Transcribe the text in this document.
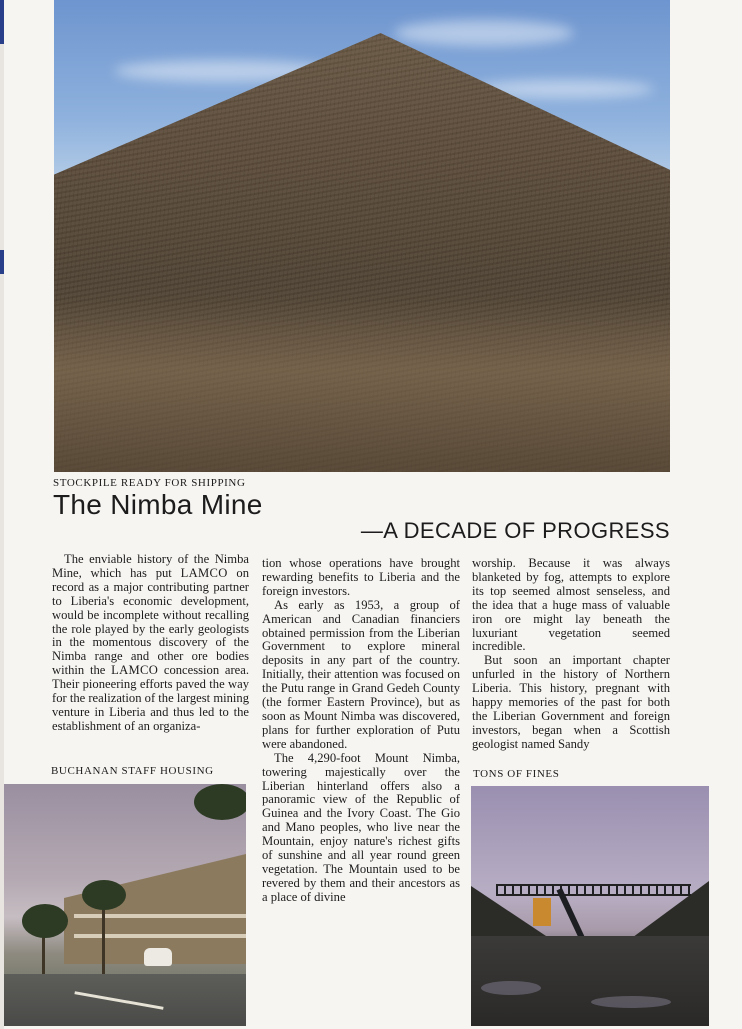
STOCKPILE READY FOR SHIPPING
The Nimba Mine
—A DECADE OF PROGRESS

The enviable history of the Nimba Mine, which has put LAMCO on record as a major contributing partner to Liberia's economic development, would be incomplete without recalling the role played by the early geologists in the momentous discovery of the Nimba range and other ore bodies within the LAMCO concession area. Their pioneering efforts paved the way for the realization of the largest mining venture in Liberia and thus led to the establishment of an organiza-

tion whose operations have brought rewarding benefits to Liberia and the foreign investors.

As early as 1953, a group of American and Canadian financiers obtained permission from the Liberian Government to explore mineral deposits in any part of the country. Initially, their attention was focused on the Putu range in Grand Gedeh County (the former Eastern Province), but as soon as Mount Nimba was discovered, plans for further exploration of Putu were abandoned.

The 4,290-foot Mount Nimba, towering majestically over the Liberian hinterland offers also a panoramic view of the Republic of Guinea and the Ivory Coast. The Gio and Mano peoples, who live near the Mountain, enjoy nature's richest gifts of sunshine and all year round green vegetation. The Mountain used to be revered by them and their ancestors as a place of divine

worship. Because it was always blanketed by fog, attempts to explore its top seemed almost senseless, and the idea that a huge mass of valuable iron ore might lay beneath the luxuriant vegetation seemed incredible.

But soon an important chapter unfurled in the history of Northern Liberia. This history, pregnant with happy memories of the past for both the Liberian Government and foreign investors, began when a Scottish geologist named Sandy

BUCHANAN STAFF HOUSING	TONS OF FINES
